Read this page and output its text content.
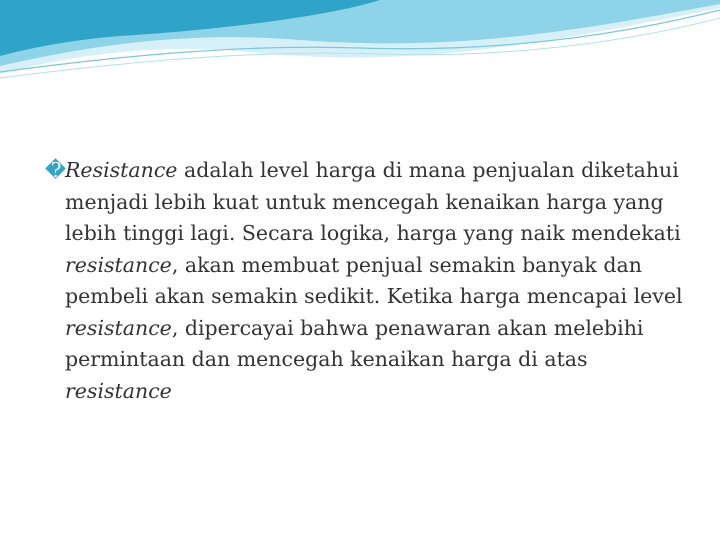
�Resistance adalah level harga di mana penjualan diketahui menjadi lebih kuat untuk mencegah kenaikan harga yang lebih tinggi lagi. Secara logika, harga yang naik mendekati resistance, akan membuat penjual semakin banyak dan pembeli akan semakin sedikit. Ketika harga mencapai level resistance, dipercayai bahwa penawaran akan melebihi permintaan dan mencegah kenaikan harga di atas resistance
